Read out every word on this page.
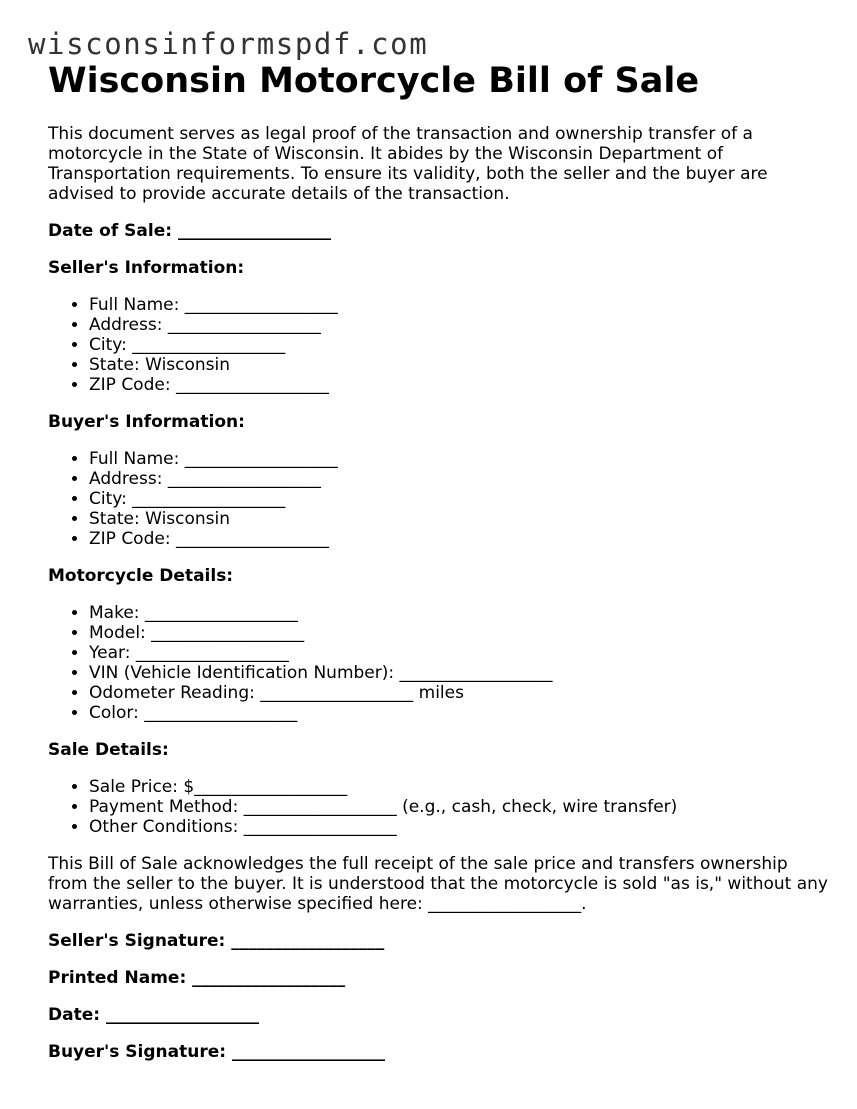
wisconsinformspdf.com
Wisconsin Motorcycle Bill of Sale

This document serves as legal proof of the transaction and ownership transfer of a motorcycle in the State of Wisconsin. It abides by the Wisconsin Department of Transportation requirements. To ensure its validity, both the seller and the buyer are advised to provide accurate details of the transaction.

Date of Sale: __________________

Seller's Information:

• Full Name: __________________
• Address: __________________
• City: __________________
• State: Wisconsin
• ZIP Code: __________________

Buyer's Information:

• Full Name: __________________
• Address: __________________
• City: __________________
• State: Wisconsin
• ZIP Code: __________________

Motorcycle Details:

• Make: __________________
• Model: __________________
• Year: __________________
• VIN (Vehicle Identification Number): __________________
• Odometer Reading: __________________ miles
• Color: __________________

Sale Details:

• Sale Price: $__________________
• Payment Method: __________________ (e.g., cash, check, wire transfer)
• Other Conditions: __________________

This Bill of Sale acknowledges the full receipt of the sale price and transfers ownership from the seller to the buyer. It is understood that the motorcycle is sold "as is," without any warranties, unless otherwise specified here: __________________.

Seller's Signature: __________________

Printed Name: __________________

Date: __________________

Buyer's Signature: __________________
